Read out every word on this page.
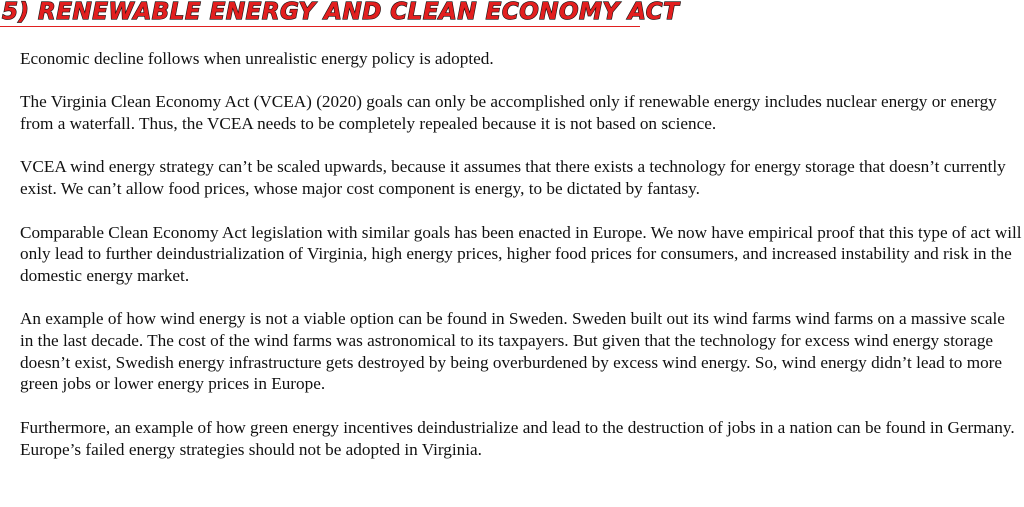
5) RENEWABLE ENERGY AND CLEAN ECONOMY ACT

Economic decline follows when unrealistic energy policy is adopted.

The Virginia Clean Economy Act (VCEA) (2020) goals can only be accomplished only if renewable energy includes nuclear energy or energy from a waterfall. Thus, the VCEA needs to be completely repealed because it is not based on science.

VCEA wind energy strategy can’t be scaled upwards, because it assumes that there exists a technology for energy storage that doesn’t currently exist. We can’t allow food prices, whose major cost component is energy, to be dictated by fantasy.

Comparable Clean Economy Act legislation with similar goals has been enacted in Europe. We now have empirical proof that this type of act will only lead to further deindustrialization of Virginia, high energy prices, higher food prices for consumers, and increased instability and risk in the domestic energy market.

An example of how wind energy is not a viable option can be found in Sweden. Sweden built out its wind farms wind farms on a massive scale in the last decade. The cost of the wind farms was astronomical to its taxpayers. But given that the technology for excess wind energy storage doesn’t exist, Swedish energy infrastructure gets destroyed by being overburdened by excess wind energy. So, wind energy didn’t lead to more green jobs or lower energy prices in Europe.

Furthermore, an example of how green energy incentives deindustrialize and lead to the destruction of jobs in a nation can be found in Germany. Europe’s failed energy strategies should not be adopted in Virginia.
